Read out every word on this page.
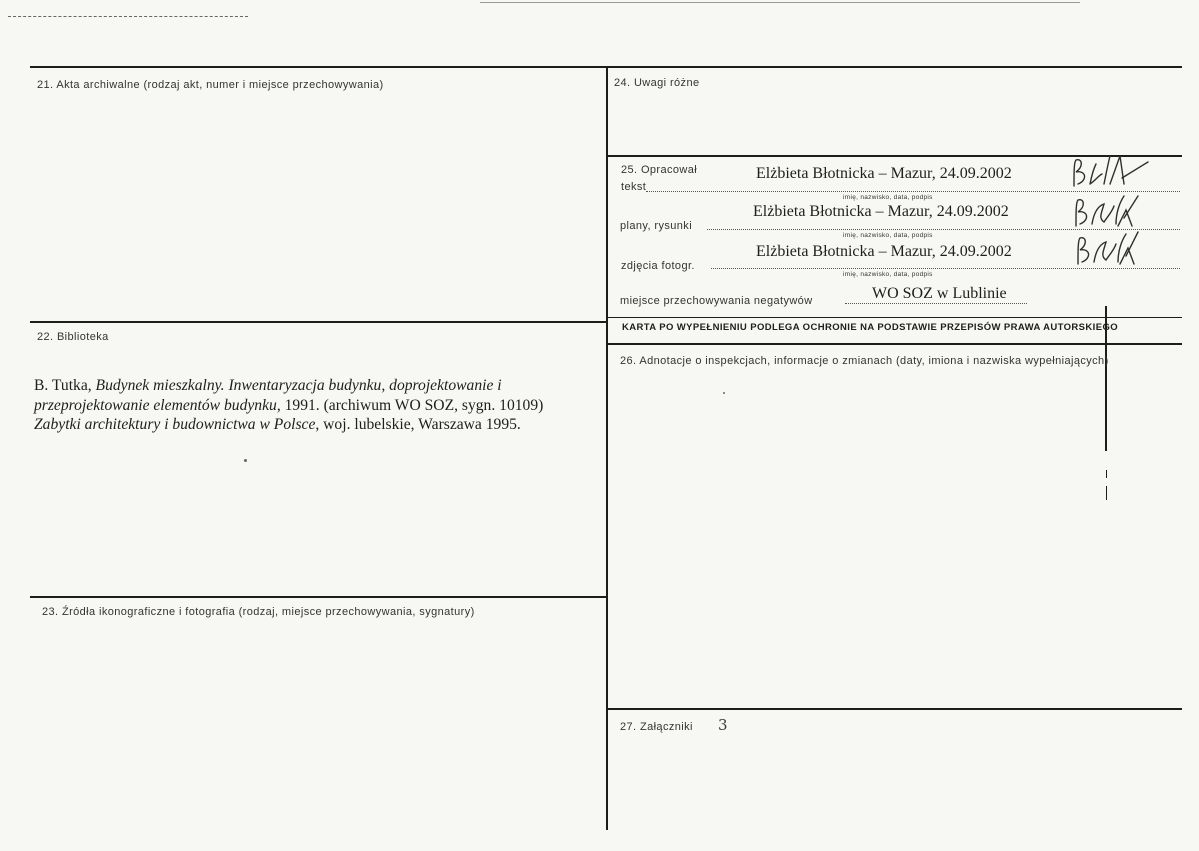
21. Akta archiwalne (rodzaj akt, numer i miejsce przechowywania)
22. Biblioteka
B. Tutka, Budynek mieszkalny. Inwentaryzacja budynku, doprojektowanie i przeprojektowanie elementów budynku, 1991. (archiwum WO SOZ, sygn. 10109)
Zabytki architektury i budownictwa w Polsce, woj. lubelskie, Warszawa 1995.
23. Źródła ikonograficzne i fotografia (rodzaj, miejsce przechowywania, sygnatury)
24. Uwagi różne
25. Opracował
tekst
Elżbieta Błotnicka – Mazur, 24.09.2002
imię, nazwisko, data, podpis
plany, rysunki
Elżbieta Błotnicka – Mazur, 24.09.2002
imię, nazwisko, data, podpis
zdjęcia fotogr.
Elżbieta Błotnicka – Mazur, 24.09.2002
imię, nazwisko, data, podpis
miejsce przechowywania negatywów	WO SOZ w Lublinie
KARTA PO WYPEŁNIENIU PODLEGA OCHRONIE NA PODSTAWIE PRZEPISÓW PRAWA AUTORSKIEGO
26. Adnotacje o inspekcjach, informacje o zmianach (daty, imiona i nazwiska wypełniających)
27. Załączniki 3
